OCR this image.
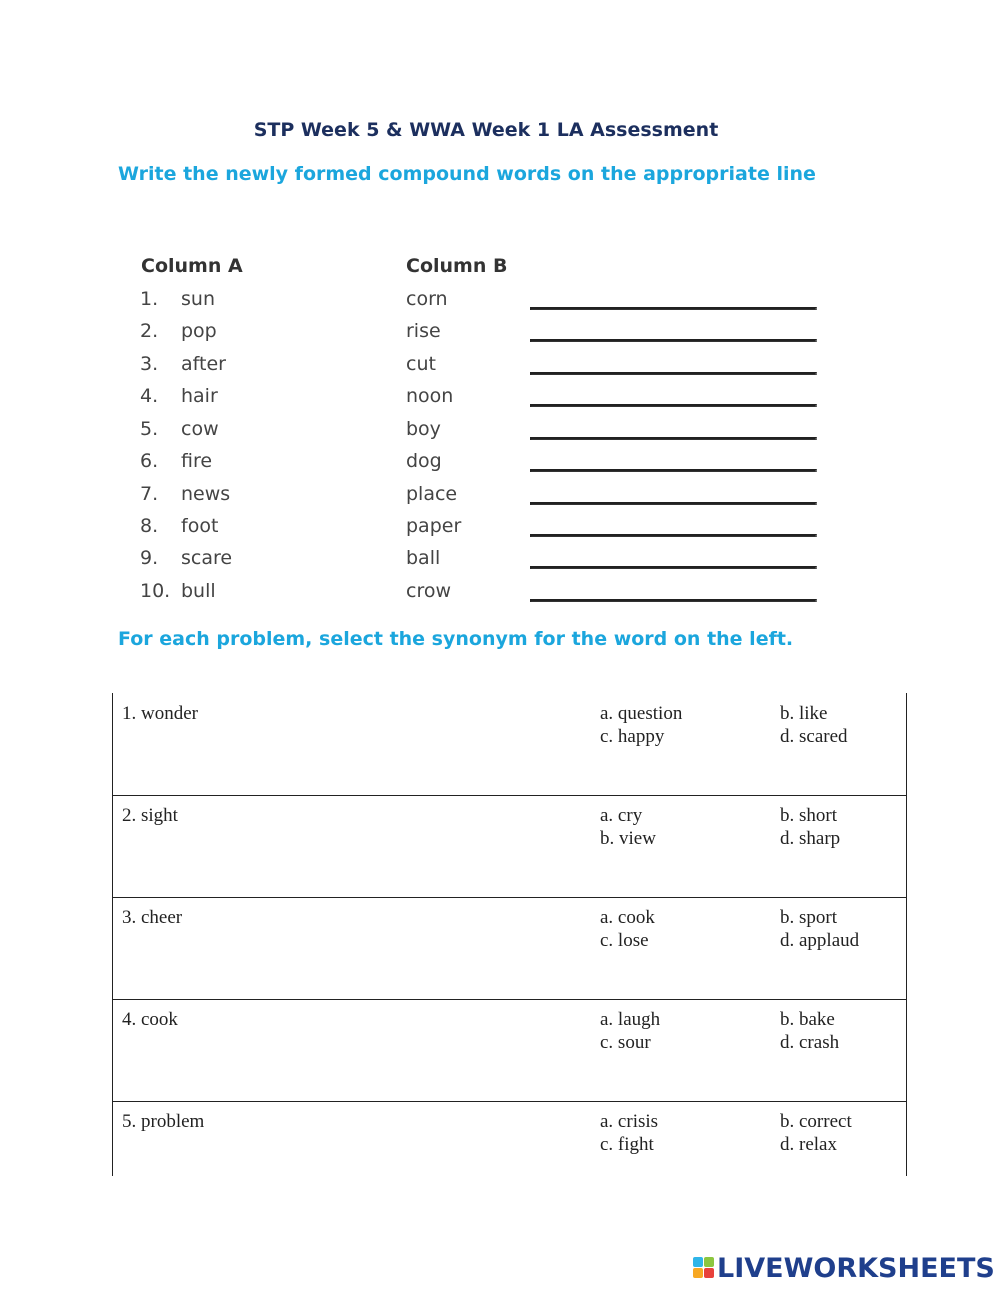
STP Week 5 & WWA Week 1 LA Assessment
Write the newly formed compound words on the appropriate line
Column A	Column B
1. sun	corn
2. pop	rise
3. after	cut
4. hair	noon
5. cow	boy
6. fire	dog
7. news	place
8. foot	paper
9. scare	ball
10. bull	crow
For each problem, select the synonym for the word on the left.
1. wonder	a. question	b. like
c. happy	d. scared
2. sight	a. cry	b. short
b. view	d. sharp
3. cheer	a. cook	b. sport
c. lose	d. applaud
4. cook	a. laugh	b. bake
c. sour	d. crash
5. problem	a. crisis	b. correct
c. fight	d. relax
LIVEWORKSHEETS
